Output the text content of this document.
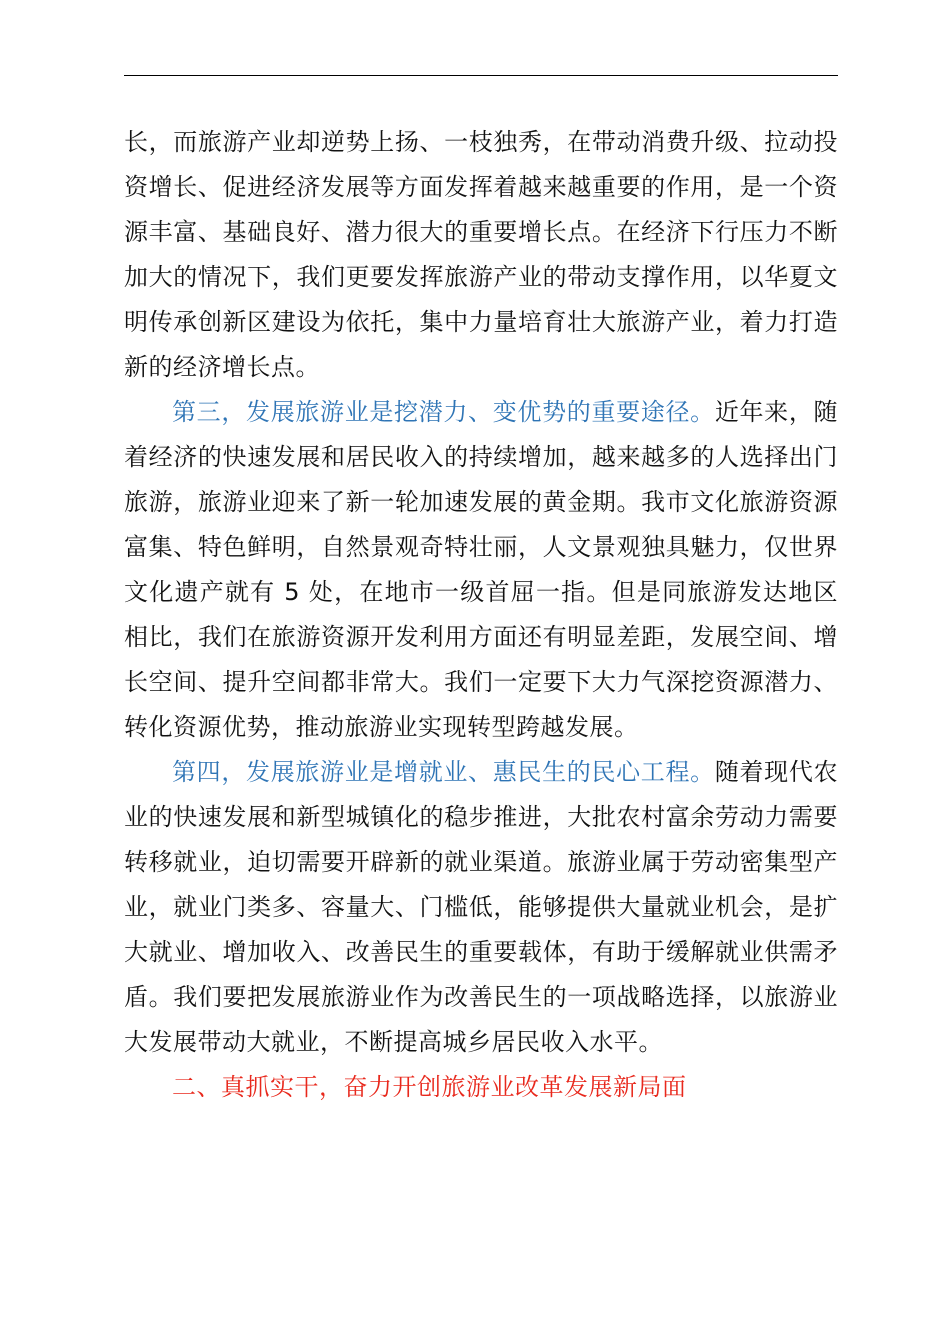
长，而旅游产业却逆势上扬、一枝独秀，在带动消费升级、拉动投资增长、促进经济发展等方面发挥着越来越重要的作用，是一个资源丰富、基础良好、潜力很大的重要增长点。在经济下行压力不断加大的情况下，我们更要发挥旅游产业的带动支撑作用，以华夏文明传承创新区建设为依托，集中力量培育壮大旅游产业，着力打造新的经济增长点。

第三，发展旅游业是挖潜力、变优势的重要途径。近年来，随着经济的快速发展和居民收入的持续增加，越来越多的人选择出门旅游，旅游业迎来了新一轮加速发展的黄金期。我市文化旅游资源富集、特色鲜明，自然景观奇特壮丽，人文景观独具魅力，仅世界文化遗产就有 5 处，在地市一级首屈一指。但是同旅游发达地区相比，我们在旅游资源开发利用方面还有明显差距，发展空间、增长空间、提升空间都非常大。我们一定要下大力气深挖资源潜力、转化资源优势，推动旅游业实现转型跨越发展。

第四，发展旅游业是增就业、惠民生的民心工程。随着现代农业的快速发展和新型城镇化的稳步推进，大批农村富余劳动力需要转移就业，迫切需要开辟新的就业渠道。旅游业属于劳动密集型产业，就业门类多、容量大、门槛低，能够提供大量就业机会，是扩大就业、增加收入、改善民生的重要载体，有助于缓解就业供需矛盾。我们要把发展旅游业作为改善民生的一项战略选择，以旅游业大发展带动大就业，不断提高城乡居民收入水平。

二、真抓实干，奋力开创旅游业改革发展新局面
